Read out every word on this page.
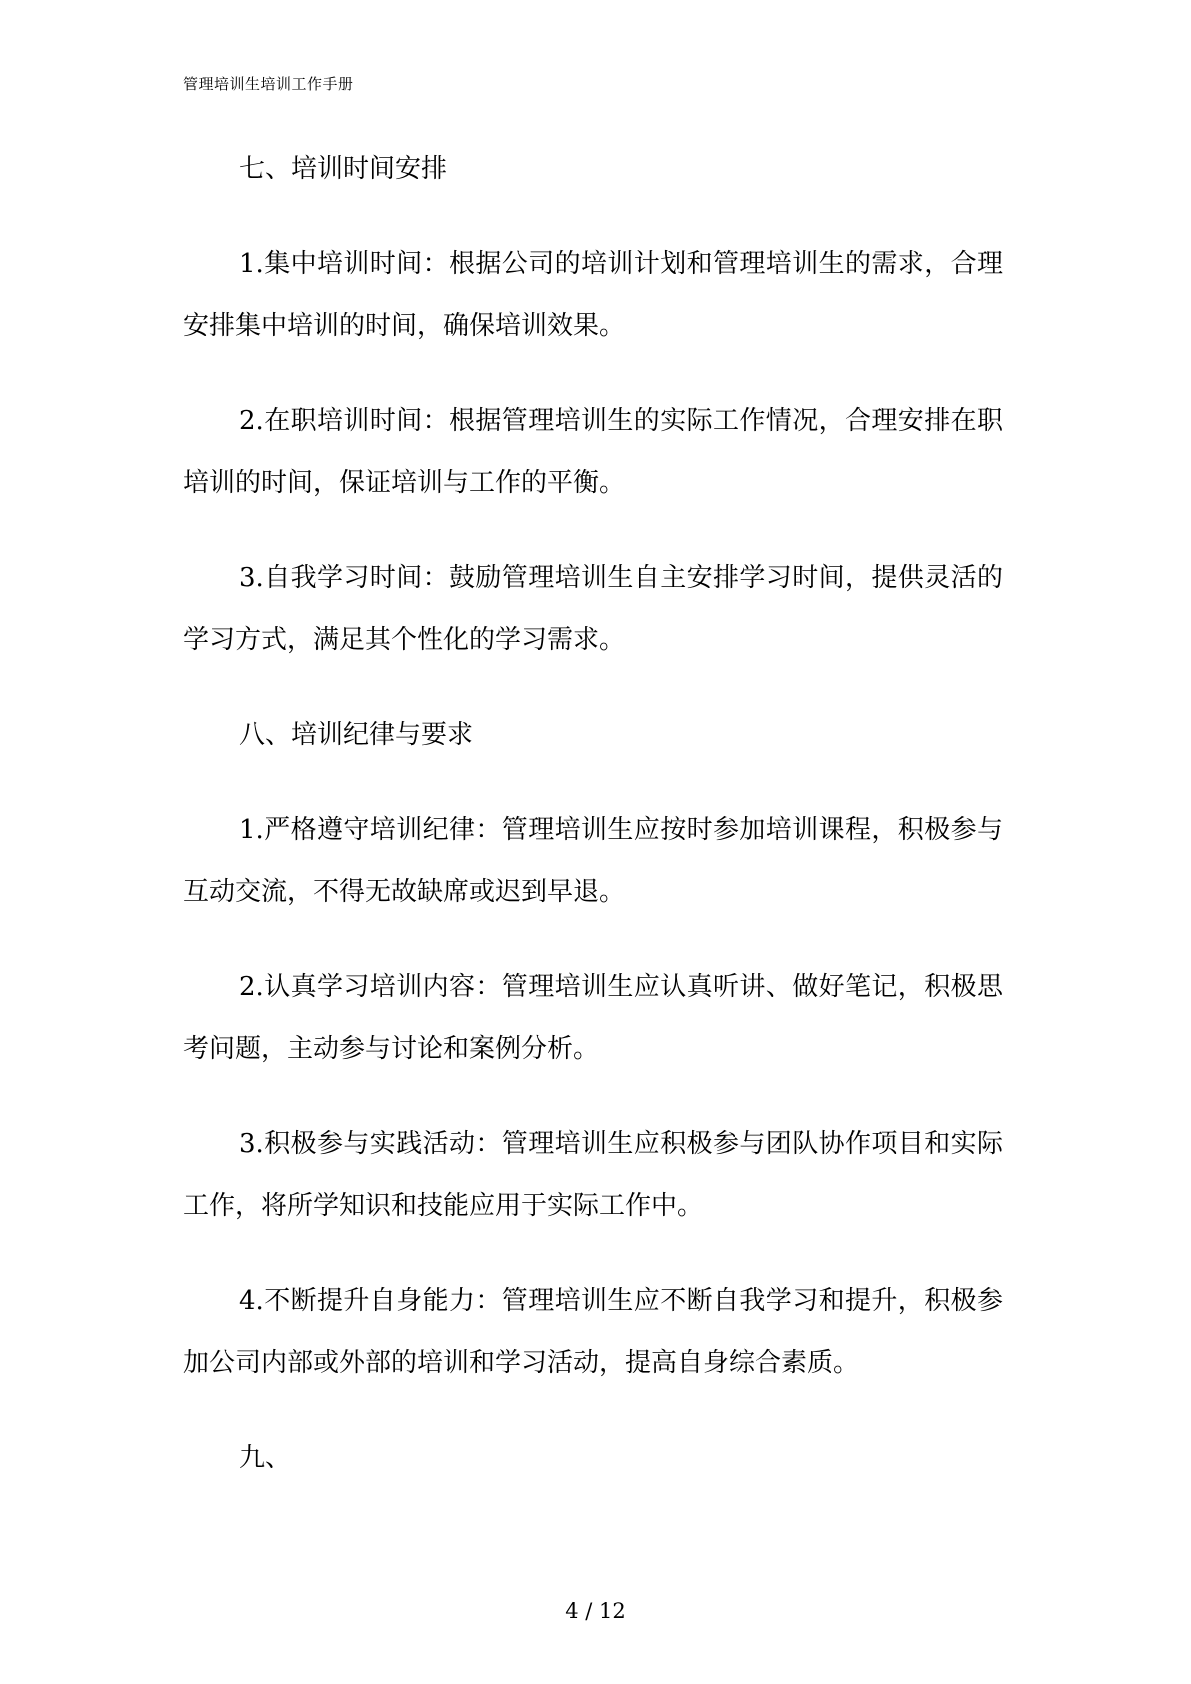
管理培训生培训工作手册
七、培训时间安排
1.集中培训时间：根据公司的培训计划和管理培训生的需求，合理安排集中培训的时间，确保培训效果。
2.在职培训时间：根据管理培训生的实际工作情况，合理安排在职培训的时间，保证培训与工作的平衡。
3.自我学习时间：鼓励管理培训生自主安排学习时间，提供灵活的学习方式，满足其个性化的学习需求。
八、培训纪律与要求
1.严格遵守培训纪律：管理培训生应按时参加培训课程，积极参与互动交流，不得无故缺席或迟到早退。
2.认真学习培训内容：管理培训生应认真听讲、做好笔记，积极思考问题，主动参与讨论和案例分析。
3.积极参与实践活动：管理培训生应积极参与团队协作项目和实际工作，将所学知识和技能应用于实际工作中。
4.不断提升自身能力：管理培训生应不断自我学习和提升，积极参加公司内部或外部的培训和学习活动，提高自身综合素质。
九、
4 / 12
